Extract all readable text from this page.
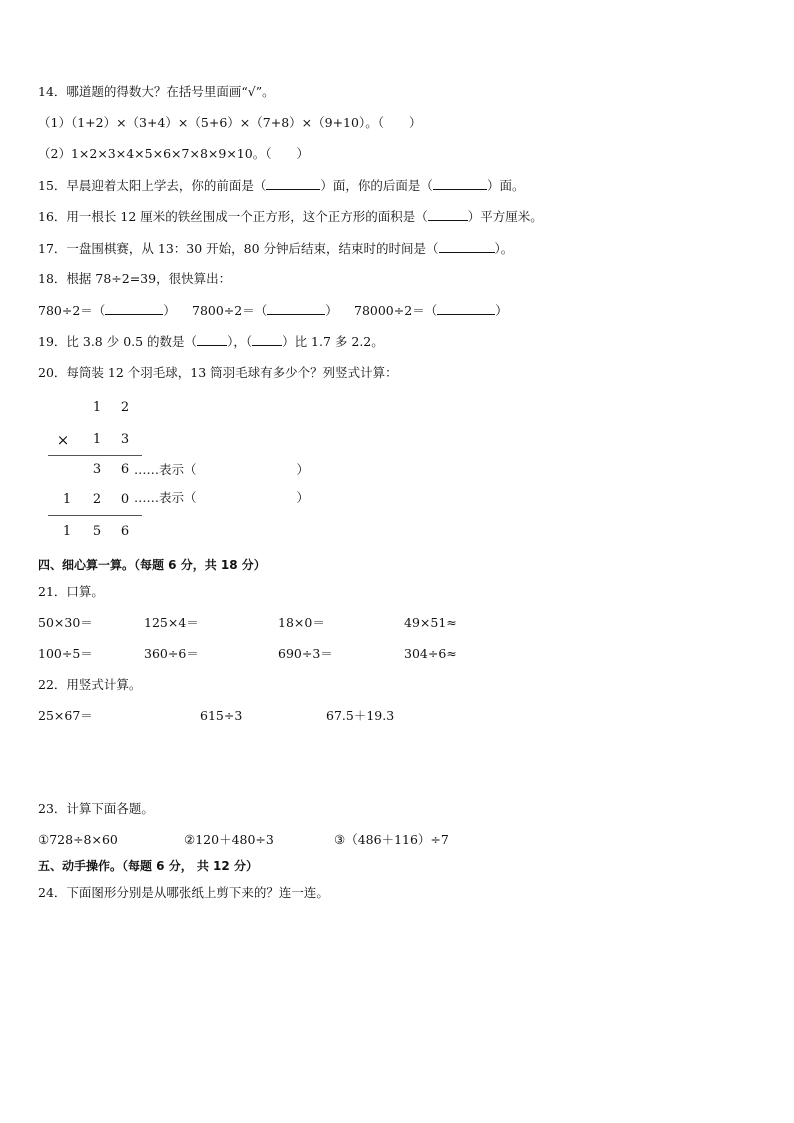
14．哪道题的得数大？在括号里面画“√”。
（1）（1+2）×（3+4）×（5+6）×（7+8）×（9+10）。（　　）
（2）1×2×3×4×5×6×7×8×9×10。（　　）
15．早晨迎着太阳上学去，你的前面是（	）面，你的后面是（	）面。
16．用一根长 12 厘米的铁丝围成一个正方形，这个正方形的面积是（	）平方厘米。
17．一盘围棋赛，从 13：30 开始，80 分钟后结束，结束时的时间是（	）。
18．根据 78÷2=39，很快算出：
780÷2＝（	） 7800÷2＝（	） 78000÷2＝（	）
19．比 3.8 少 0.5 的数是（ ），（ ）比 1.7 多 2.2。
20．每筒装 12 个羽毛球，13 筒羽毛球有多少个？列竖式计算：
1 2
× 1 3
3 6 ……表示（	）
1 2 0 ……表示（	）
1 5 6
四、细心算一算。（每题 6 分，共 18 分）
21．口算。
50×30＝	125×4＝	18×0＝	49×51≈
100÷5＝	360÷6＝	690÷3＝	304÷6≈
22．用竖式计算。
25×67＝	615÷3	67.5＋19.3
23．计算下面各题。
①728÷8×60	②120＋480÷3	③（486＋116）÷7
五、动手操作。（每题 6 分， 共 12 分）
24．下面图形分别是从哪张纸上剪下来的？连一连。
